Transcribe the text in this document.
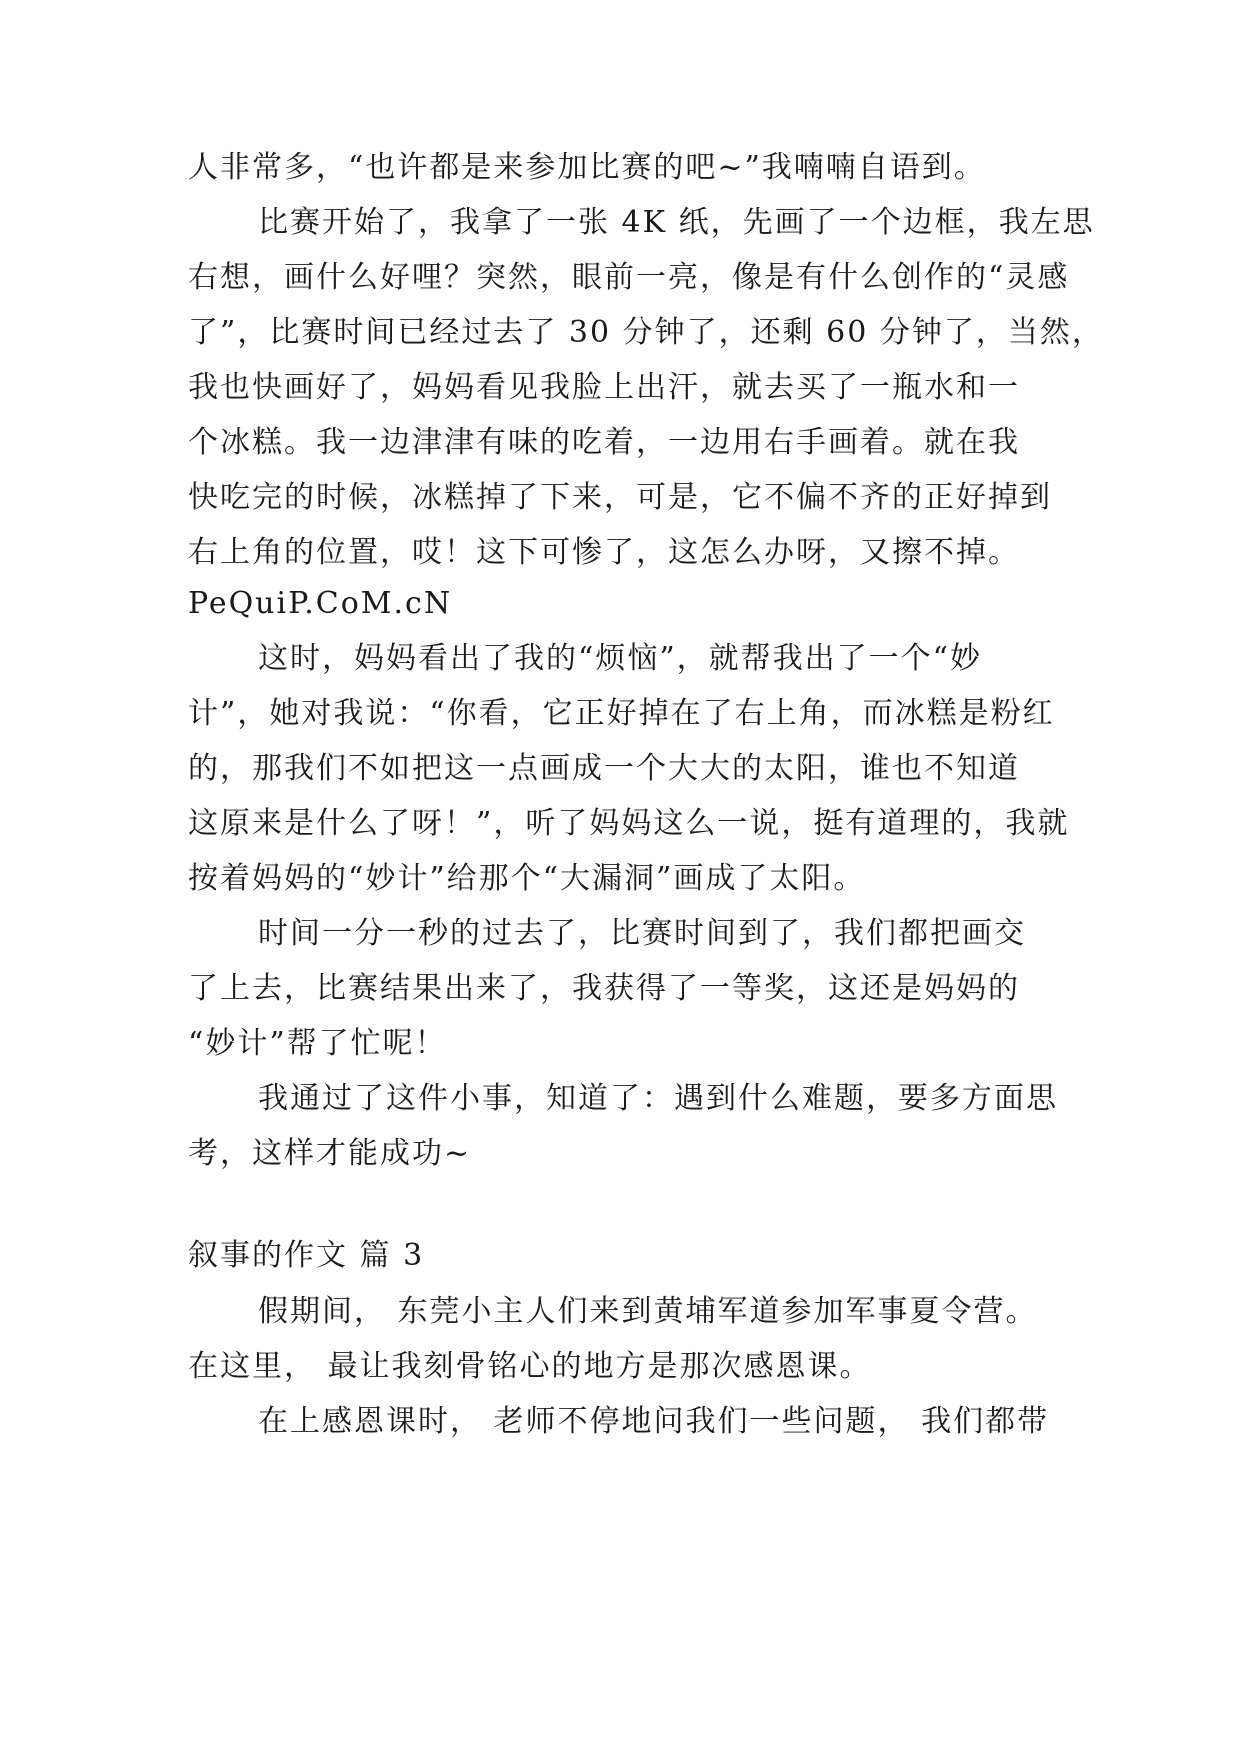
人非常多，“也许都是来参加比赛的吧~”我喃喃自语到。
比赛开始了，我拿了一张 4K 纸，先画了一个边框，我左思
右想，画什么好哩？突然，眼前一亮，像是有什么创作的“灵感
了”，比赛时间已经过去了 30 分钟了，还剩 60 分钟了，当然，
我也快画好了，妈妈看见我脸上出汗，就去买了一瓶水和一
个冰糕。我一边津津有味的吃着，一边用右手画着。就在我
快吃完的时候，冰糕掉了下来，可是，它不偏不齐的正好掉到
右上角的位置，哎！这下可惨了，这怎么办呀，又擦不掉。
PeQuiP.CoM.cN
这时，妈妈看出了我的“烦恼”，就帮我出了一个“妙
计”，她对我说：“你看，它正好掉在了右上角，而冰糕是粉红
的，那我们不如把这一点画成一个大大的太阳，谁也不知道
这原来是什么了呀！”，听了妈妈这么一说，挺有道理的，我就
按着妈妈的“妙计”给那个“大漏洞”画成了太阳。
时间一分一秒的过去了，比赛时间到了，我们都把画交
了上去，比赛结果出来了，我获得了一等奖，这还是妈妈的
“妙计”帮了忙呢！
我通过了这件小事，知道了：遇到什么难题，要多方面思
考，这样才能成功~
叙事的作文 篇 3
假期间， 东莞小主人们来到黄埔军道参加军事夏令营。
在这里， 最让我刻骨铭心的地方是那次感恩课。
在上感恩课时， 老师不停地问我们一些问题， 我们都带
